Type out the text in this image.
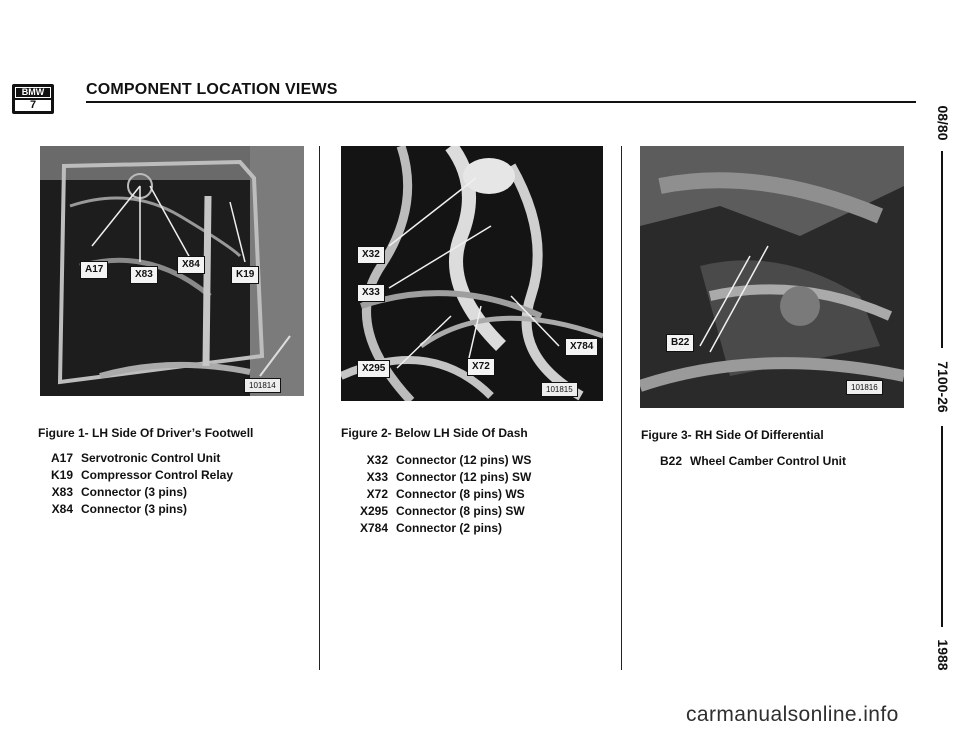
BMW
7
COMPONENT LOCATION VIEWS
08/80
7100-26
1988
A17	X83
X84
K19
101814
X32
X33
X784
X295	X72
101815
B22
101816
Figure 1- LH Side Of Driver’s Footwell	Figure 2- Below LH Side Of Dash	Figure 3- RH Side Of Differential
A17 Servotronic Control Unit
K19 Compressor Control Relay
X83 Connector (3 pins)
X84 Connector (3 pins)
X32 Connector (12 pins) WS
X33 Connector (12 pins) SW
X72 Connector (8 pins) WS
X295 Connector (8 pins) SW
X784 Connector (2 pins)
B22 Wheel Camber Control Unit
carmanualsonline.info
